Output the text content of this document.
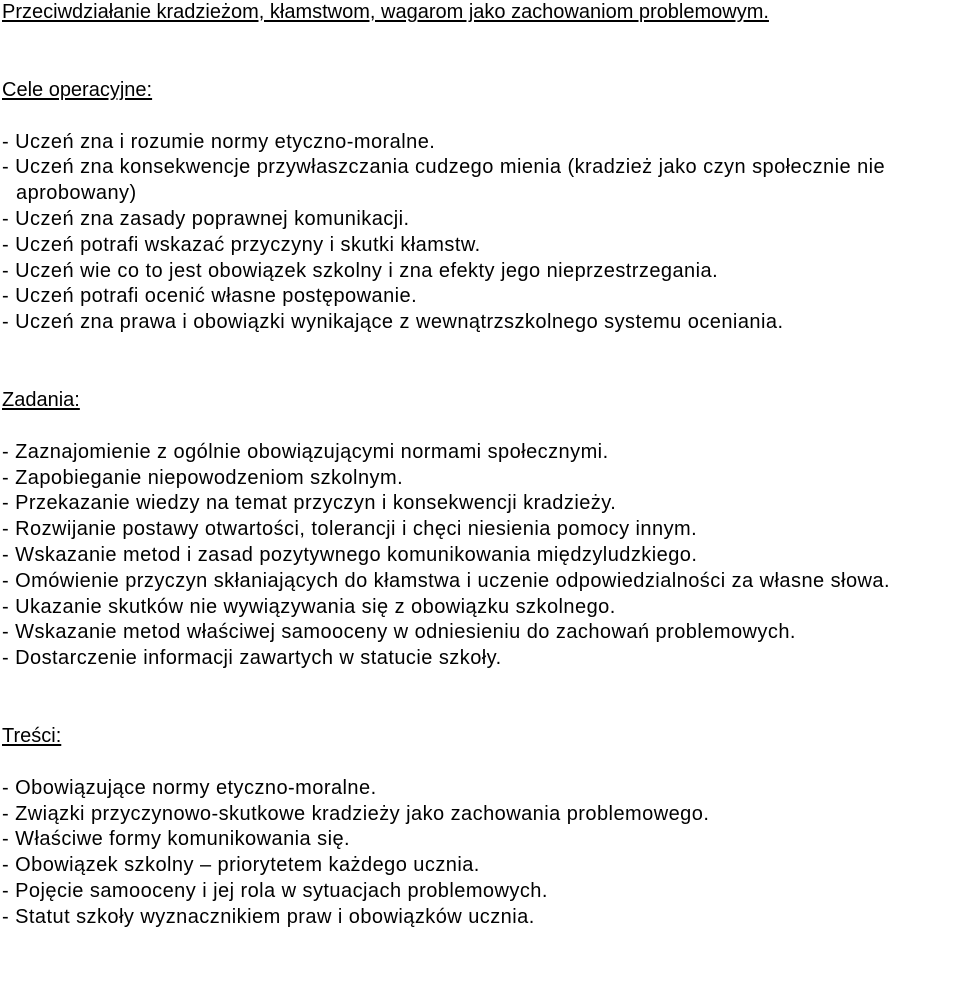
Przeciwdziałanie kradzieżom, kłamstwom, wagarom jako zachowaniom problemowym.
Cele operacyjne:
- Uczeń zna i rozumie normy etyczno-moralne.
- Uczeń zna konsekwencje przywłaszczania cudzego mienia (kradzież jako czyn społecznie nie aprobowany)
- Uczeń zna zasady poprawnej komunikacji.
- Uczeń potrafi wskazać przyczyny i skutki kłamstw.
- Uczeń wie co to jest obowiązek szkolny i zna efekty jego nieprzestrzegania.
- Uczeń potrafi ocenić własne postępowanie.
- Uczeń zna prawa i obowiązki wynikające z wewnątrzszkolnego systemu oceniania.
Zadania:
- Zaznajomienie z ogólnie obowiązującymi normami społecznymi.
- Zapobieganie niepowodzeniom szkolnym.
- Przekazanie wiedzy na temat przyczyn i konsekwencji kradzieży.
- Rozwijanie postawy otwartości, tolerancji i chęci niesienia pomocy innym.
- Wskazanie metod i zasad pozytywnego komunikowania międzyludzkiego.
- Omówienie przyczyn skłaniających do kłamstwa i uczenie odpowiedzialności za własne słowa.
- Ukazanie skutków nie wywiązywania się z obowiązku szkolnego.
- Wskazanie metod właściwej samooceny w odniesieniu do zachowań problemowych.
- Dostarczenie informacji zawartych w statucie szkoły.
Treści:
- Obowiązujące normy etyczno-moralne.
- Związki przyczynowo-skutkowe kradzieży jako zachowania problemowego.
- Właściwe formy komunikowania się.
- Obowiązek szkolny – priorytetem każdego ucznia.
- Pojęcie samooceny i jej rola w sytuacjach problemowych.
- Statut szkoły wyznacznikiem praw i obowiązków ucznia.
